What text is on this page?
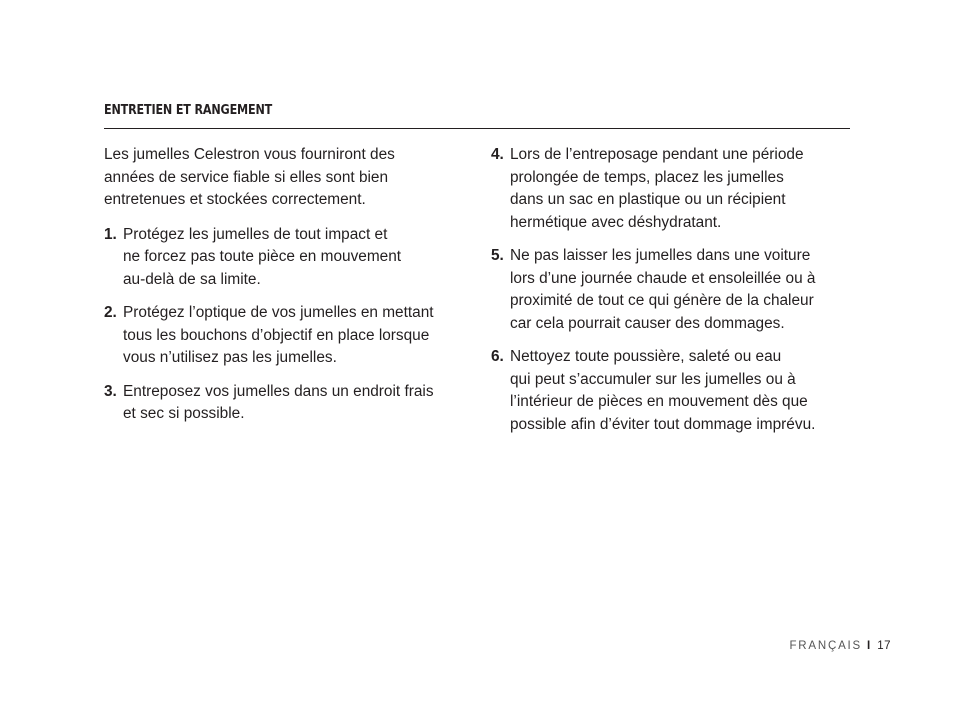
ENTRETIEN ET RANGEMENT

Les jumelles Celestron vous fourniront des
années de service fiable si elles sont bien
entretenues et stockées correctement.

1. Protégez les jumelles de tout impact et
ne forcez pas toute pièce en mouvement
au-delà de sa limite.
2. Protégez l’optique de vos jumelles en mettant
tous les bouchons d’objectif en place lorsque
vous n’utilisez pas les jumelles.
3. Entreposez vos jumelles dans un endroit frais
et sec si possible.
4. Lors de l’entreposage pendant une période
prolongée de temps, placez les jumelles
dans un sac en plastique ou un récipient
hermétique avec déshydratant.
5. Ne pas laisser les jumelles dans une voiture
lors d’une journée chaude et ensoleillée ou à
proximité de tout ce qui génère de la chaleur
car cela pourrait causer des dommages.
6. Nettoyez toute poussière, saleté ou eau
qui peut s’accumuler sur les jumelles ou à
l’intérieur de pièces en mouvement dès que
possible afin d’éviter tout dommage imprévu.
FRANÇAIS I 17
